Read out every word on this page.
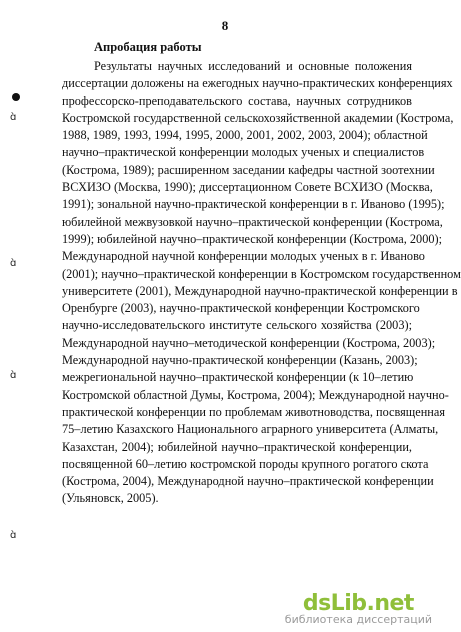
8
Апробация работы
Результаты научных исследований и основные положения
диссертации доложены на ежегодных научно-практических конференциях
профессорско-преподавательского состава, научных сотрудников
Костромской государственной сельскохозяйственной академии (Кострома,
1988, 1989, 1993, 1994, 1995, 2000, 2001, 2002, 2003, 2004); областной
научно–практической конференции молодых ученых и специалистов
(Кострома, 1989); расширенном заседании кафедры частной зоотехнии
ВСХИЗО (Москва, 1990); диссертационном Совете ВСХИЗО (Москва,
1991); зональной научно-практической конференции в г. Иваново (1995);
юбилейной межвузовкой научно–практической конференции (Кострома,
1999); юбилейной научно–практической конференции (Кострома, 2000);
Международной научной конференции молодых ученых в г. Иваново
(2001); научно–практической конференции в Костромском государственном
университете (2001), Международной научно-практической конференции в
Оренбурге (2003), научно-практической конференции Костромского
научно-исследовательского институте сельского хозяйства (2003);
Международной научно–методической конференции (Кострома, 2003);
Международной научно-практической конференции (Казань, 2003);
межрегиональной научно–практической конференции (к 10–летию
Костромской областной Думы, Кострома, 2004); Международной научно-
практической конференции по проблемам животноводства, посвященная
75–летию Казахского Национального аграрного университета (Алматы,
Казахстан, 2004); юбилейной научно–практической конференции,
посвященной 60–летию костромской породы крупного рогатого скота
(Кострома, 2004), Международной научно–практической конференции
(Ульяновск, 2005).
ɑ̀
ɑ̀
ɑ̀
ɑ̀
dsLib.net
библиотека диссертаций
